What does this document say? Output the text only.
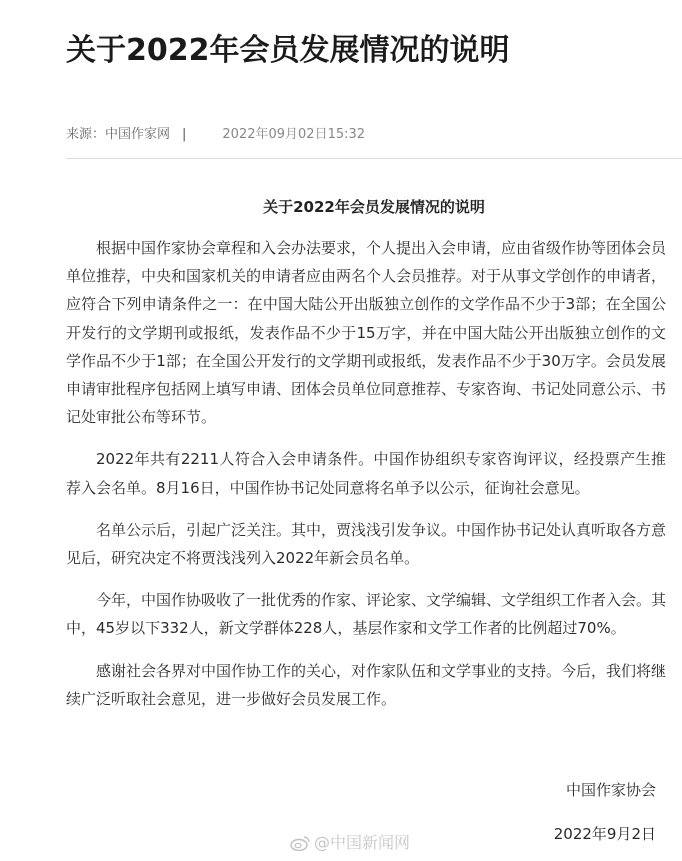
关于2022年会员发展情况的说明
来源：中国作家网 |	2022年09月02日15:32
关于2022年会员发展情况的说明

根据中国作家协会章程和入会办法要求，个人提出入会申请，应由省级作协等团体会员单位推荐，中央和国家机关的申请者应由两名个人会员推荐。对于从事文学创作的申请者，应符合下列申请条件之一：在中国大陆公开出版独立创作的文学作品不少于3部；在全国公开发行的文学期刊或报纸，发表作品不少于15万字，并在中国大陆公开出版独立创作的文学作品不少于1部；在全国公开发行的文学期刊或报纸，发表作品不少于30万字。会员发展申请审批程序包括网上填写申请、团体会员单位同意推荐、专家咨询、书记处同意公示、书记处审批公布等环节。

2022年共有2211人符合入会申请条件。中国作协组织专家咨询评议，经投票产生推荐入会名单。8月16日，中国作协书记处同意将名单予以公示，征询社会意见。

名单公示后，引起广泛关注。其中，贾浅浅引发争议。中国作协书记处认真听取各方意见后，研究决定不将贾浅浅列入2022年新会员名单。

今年，中国作协吸收了一批优秀的作家、评论家、文学编辑、文学组织工作者入会。其中，45岁以下332人，新文学群体228人，基层作家和文学工作者的比例超过70%。

感谢社会各界对中国作协工作的关心，对作家队伍和文学事业的支持。今后，我们将继续广泛听取社会意见，进一步做好会员发展工作。

中国作家协会
@中国新闻网	2022年9月2日
